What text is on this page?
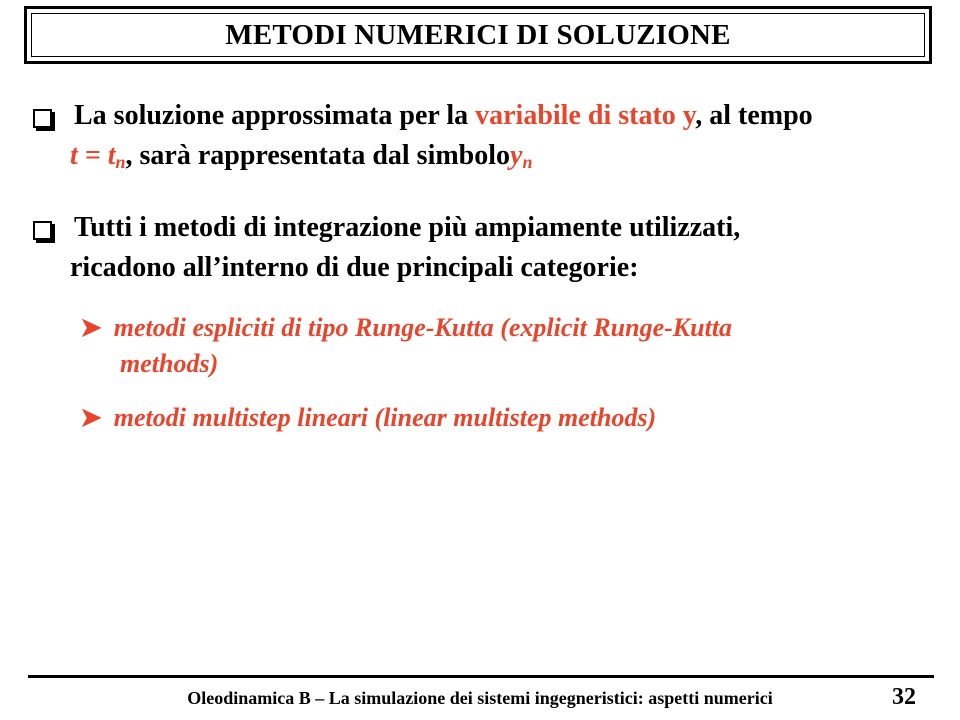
METODI NUMERICI DI SOLUZIONE
La soluzione approssimata per la variabile di stato y, al tempo
$t = t_n$ , sarà rappresentata dal simbolo $y_n$
Tutti i metodi di integrazione più ampiamente utilizzati,
ricadono all’interno di due principali categorie:
➤ metodi espliciti di tipo Runge-Kutta (explicit Runge-Kutta
methods)
➤ metodi multistep lineari (linear multistep methods)
Oleodinamica B – La simulazione dei sistemi ingegneristici: aspetti numerici	32
